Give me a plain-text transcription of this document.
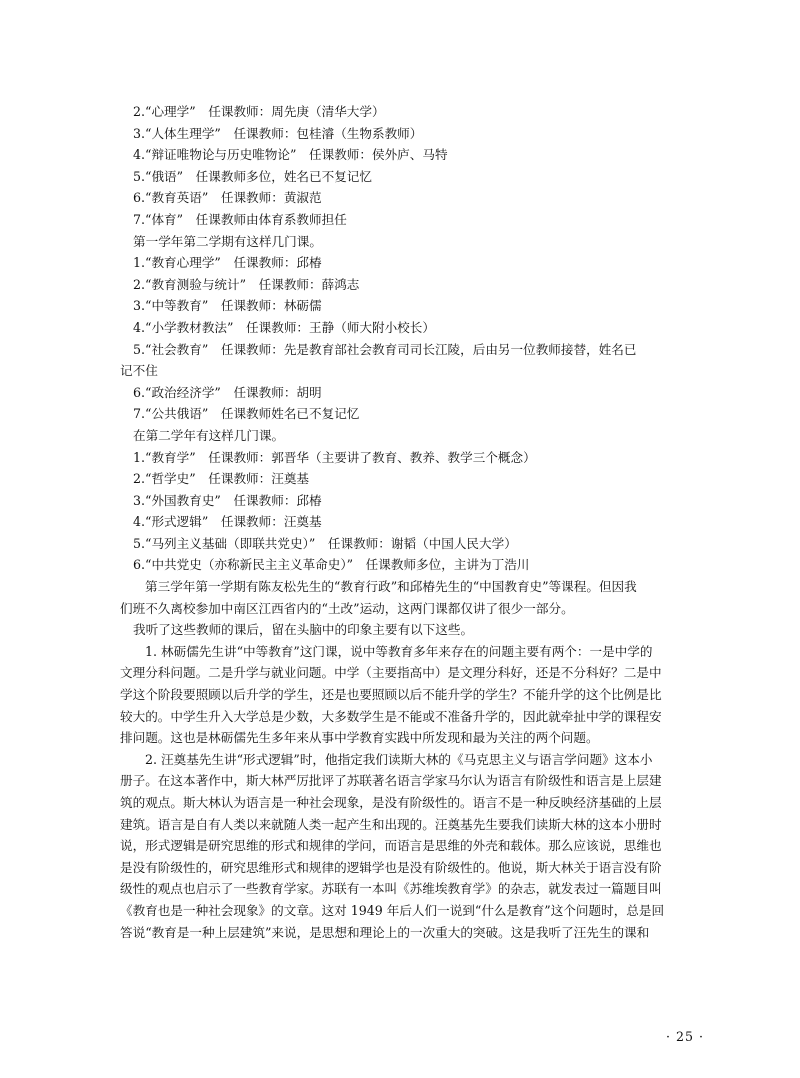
2.“心理学”　任课教师：周先庚（清华大学）
3.“人体生理学”　任课教师：包桂濬（生物系教师）
4.“辩证唯物论与历史唯物论”　任课教师：侯外庐、马特
5.“俄语”　任课教师多位，姓名已不复记忆
6.“教育英语”　任课教师：黄淑范
7.“体育”　任课教师由体育系教师担任
第一学年第二学期有这样几门课。
1.“教育心理学”　任课教师：邱椿
2.“教育测验与统计”　任课教师：薛鸿志
3.“中等教育”　任课教师：林砺儒
4.“小学教材教法”　任课教师：王静（师大附小校长）
5.“社会教育”　任课教师：先是教育部社会教育司司长江陵，后由另一位教师接替，姓名已
记不住
6.“政治经济学”　任课教师：胡明
7.“公共俄语”　任课教师姓名已不复记忆
在第二学年有这样几门课。
1.“教育学”　任课教师：郭晋华（主要讲了教育、教养、教学三个概念）
2.“哲学史”　任课教师：汪奠基
3.“外国教育史”　任课教师：邱椿
4.“形式逻辑”　任课教师：汪奠基
5.“马列主义基础（即联共党史）”　任课教师：谢韬（中国人民大学）
6.“中共党史（亦称新民主主义革命史）”　任课教师多位，主讲为丁浩川
第三学年第一学期有陈友松先生的“教育行政”和邱椿先生的“中国教育史”等课程。但因我
们班不久离校参加中南区江西省内的“土改”运动，这两门课都仅讲了很少一部分。
我听了这些教师的课后，留在头脑中的印象主要有以下这些。
1. 林砺儒先生讲“中等教育”这门课，说中等教育多年来存在的问题主要有两个：一是中学的
文理分科问题。二是升学与就业问题。中学（主要指高中）是文理分科好，还是不分科好？二是中
学这个阶段要照顾以后升学的学生，还是也要照顾以后不能升学的学生？不能升学的这个比例是比
较大的。中学生升入大学总是少数，大多数学生是不能或不准备升学的，因此就牵扯中学的课程安
排问题。这也是林砺儒先生多年来从事中学教育实践中所发现和最为关注的两个问题。
2. 汪奠基先生讲“形式逻辑”时，他指定我们读斯大林的《马克思主义与语言学问题》这本小
册子。在这本著作中，斯大林严厉批评了苏联著名语言学家马尔认为语言有阶级性和语言是上层建
筑的观点。斯大林认为语言是一种社会现象，是没有阶级性的。语言不是一种反映经济基础的上层
建筑。语言是自有人类以来就随人类一起产生和出现的。汪奠基先生要我们读斯大林的这本小册时
说，形式逻辑是研究思维的形式和规律的学问，而语言是思维的外壳和载体。那么应该说，思维也
是没有阶级性的，研究思维形式和规律的逻辑学也是没有阶级性的。他说，斯大林关于语言没有阶
级性的观点也启示了一些教育学家。苏联有一本叫《苏维埃教育学》的杂志，就发表过一篇题目叫
《教育也是一种社会现象》的文章。这对 1949 年后人们一说到“什么是教育”这个问题时，总是回
答说“教育是一种上层建筑”来说，是思想和理论上的一次重大的突破。这是我听了汪先生的课和
· 25 ·
